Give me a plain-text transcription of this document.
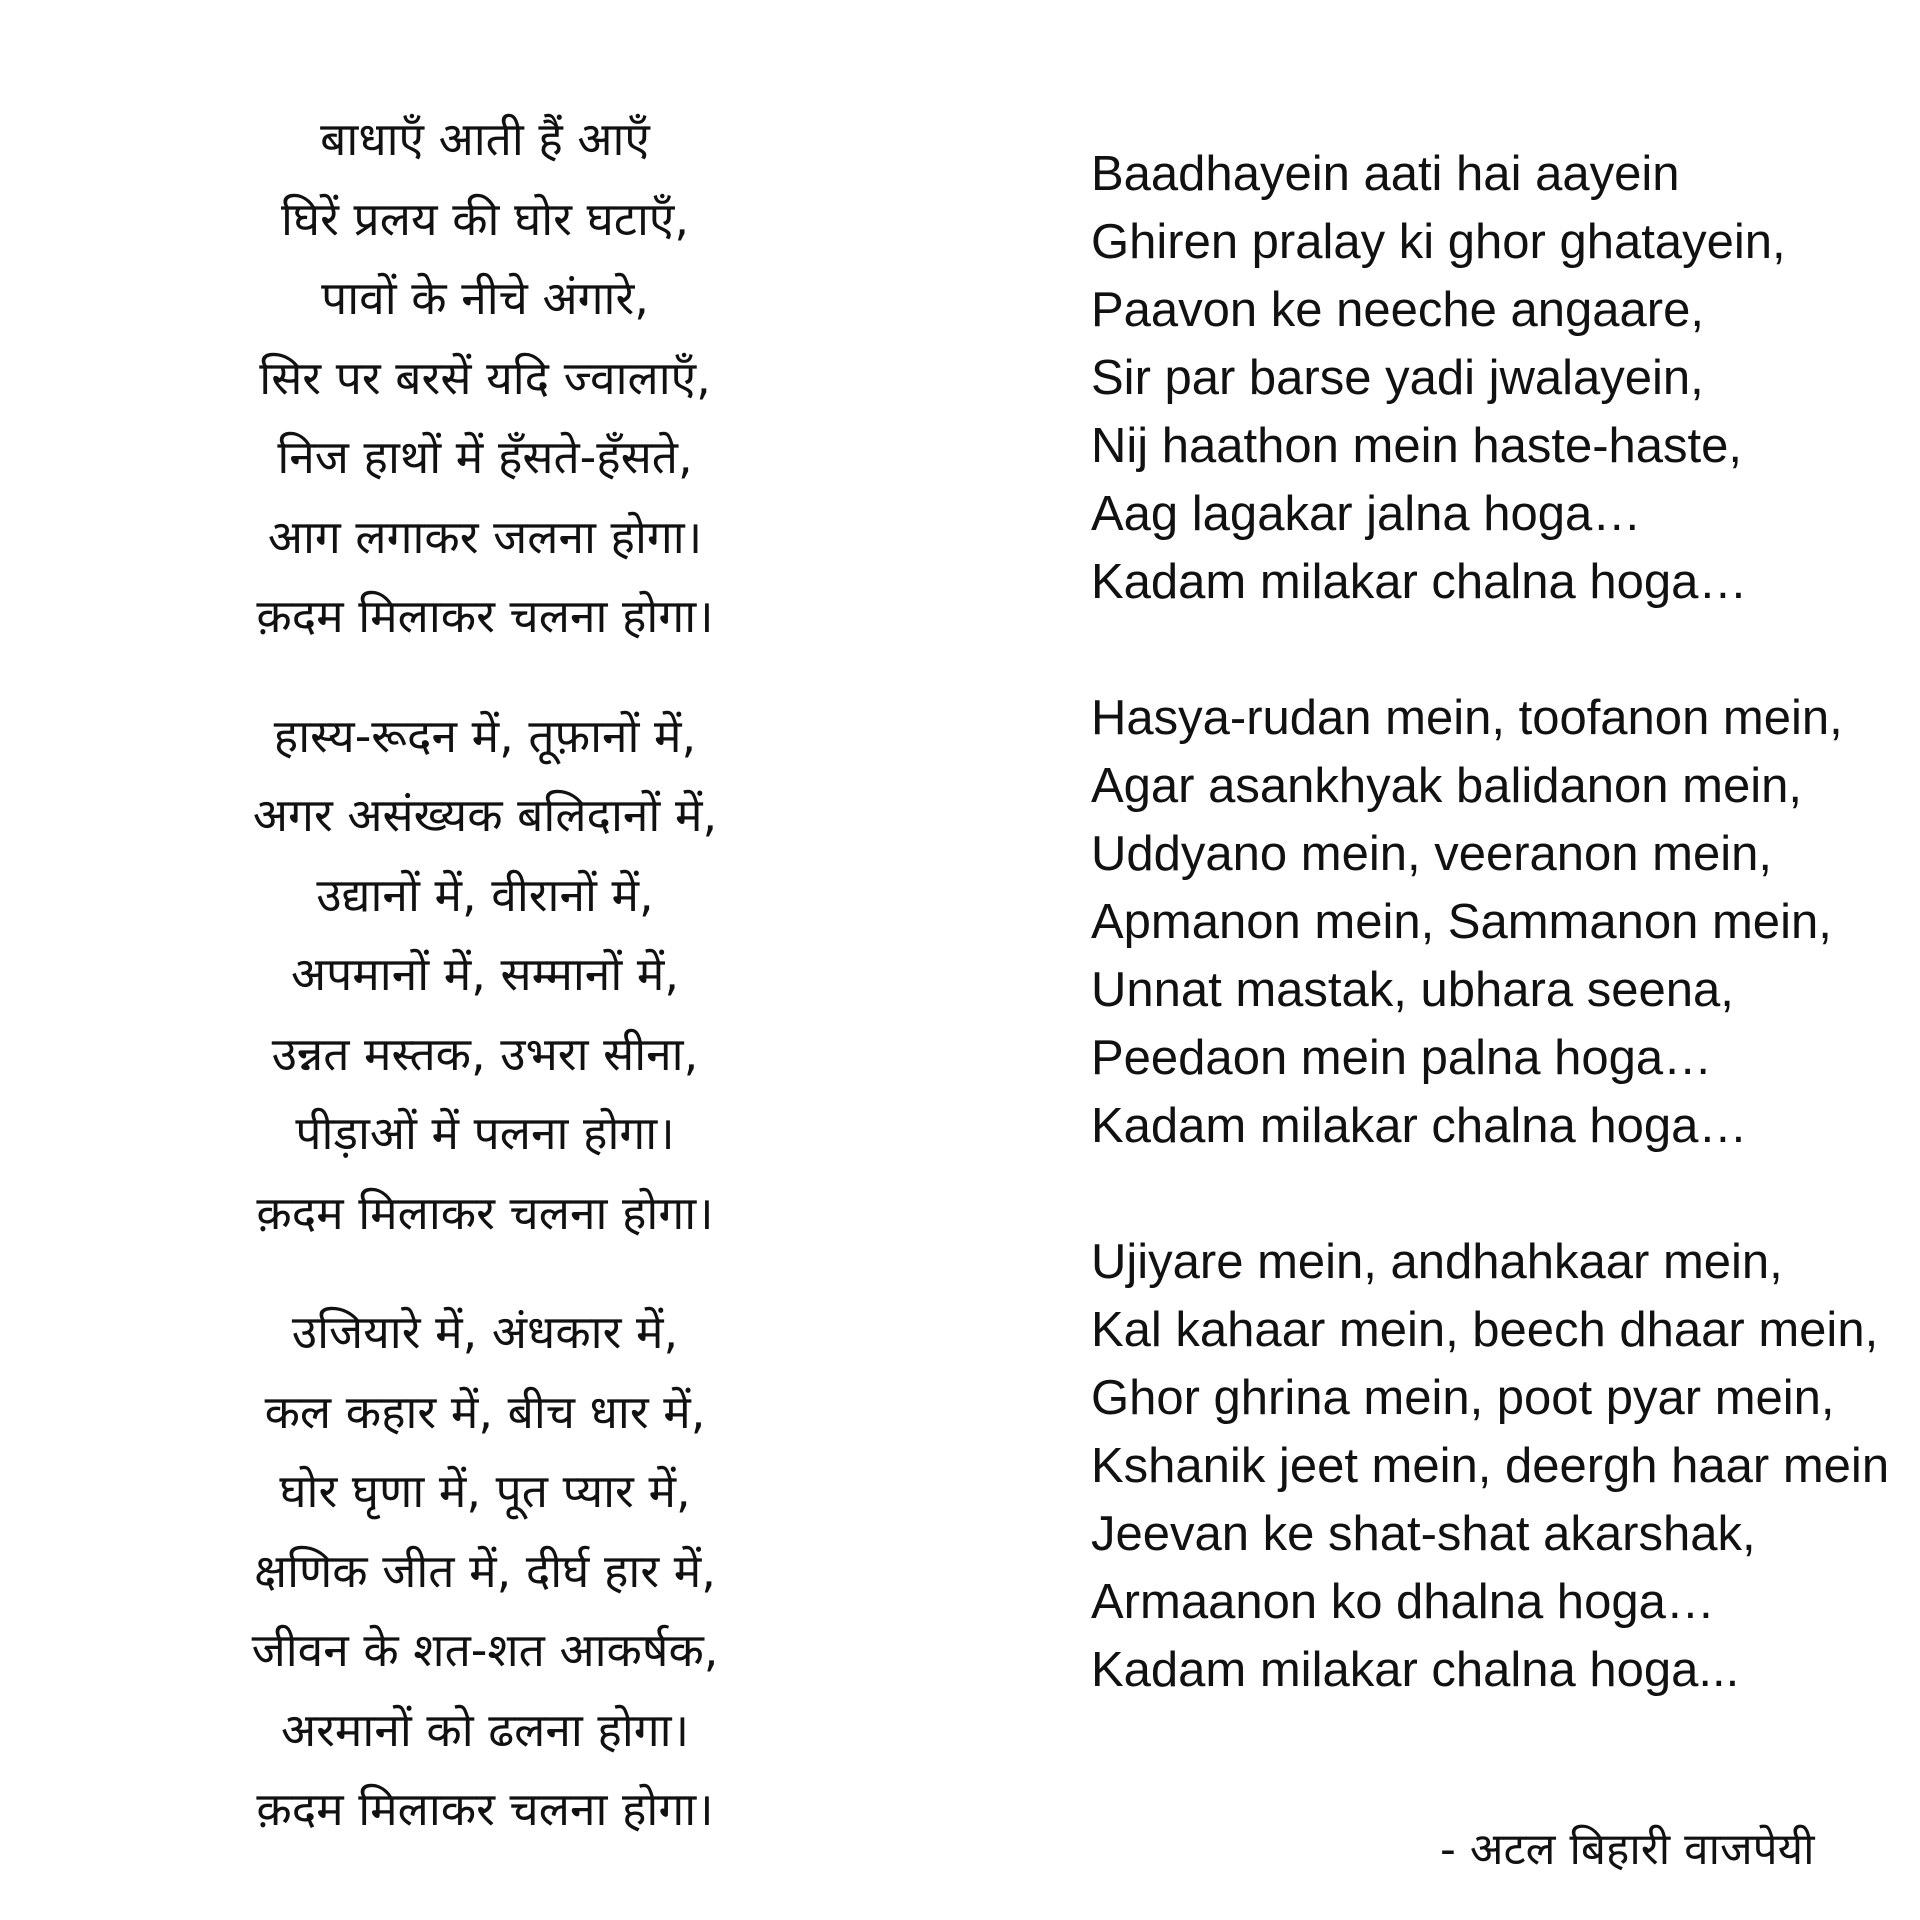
बाधाएँ आती हैं आएँ
घिरें प्रलय की घोर घटाएँ,
पावों के नीचे अंगारे,
सिर पर बरसें यदि ज्वालाएँ,
निज हाथों में हँसते-हँसते,
आग लगाकर जलना होगा।
क़दम मिलाकर चलना होगा।
हास्य-रूदन में, तूफ़ानों में,
अगर असंख्यक बलिदानों में,
उद्यानों में, वीरानों में,
अपमानों में, सम्मानों में,
उन्नत मस्तक, उभरा सीना,
पीड़ाओं में पलना होगा।
क़दम मिलाकर चलना होगा।
उजियारे में, अंधकार में,
कल कहार में, बीच धार में,
घोर घृणा में, पूत प्यार में,
क्षणिक जीत में, दीर्घ हार में,
जीवन के शत-शत आकर्षक,
अरमानों को ढलना होगा।
क़दम मिलाकर चलना होगा।
Baadhayein aati hai aayein
Ghiren pralay ki ghor ghatayein,
Paavon ke neeche angaare,
Sir par barse yadi jwalayein,
Nij haathon mein haste-haste,
Aag lagakar jalna hoga…
Kadam milakar chalna hoga…
Hasya-rudan mein, toofanon mein,
Agar asankhyak balidanon mein,
Uddyano mein, veeranon mein,
Apmanon mein, Sammanon mein,
Unnat mastak, ubhara seena,
Peedaon mein palna hoga…
Kadam milakar chalna hoga…
Ujiyare mein, andhahkaar mein,
Kal kahaar mein, beech dhaar mein,
Ghor ghrina mein, poot pyar mein,
Kshanik jeet mein, deergh haar mein
Jeevan ke shat-shat akarshak,
Armaanon ko dhalna hoga…
Kadam milakar chalna hoga...
- अटल बिहारी वाजपेयी
